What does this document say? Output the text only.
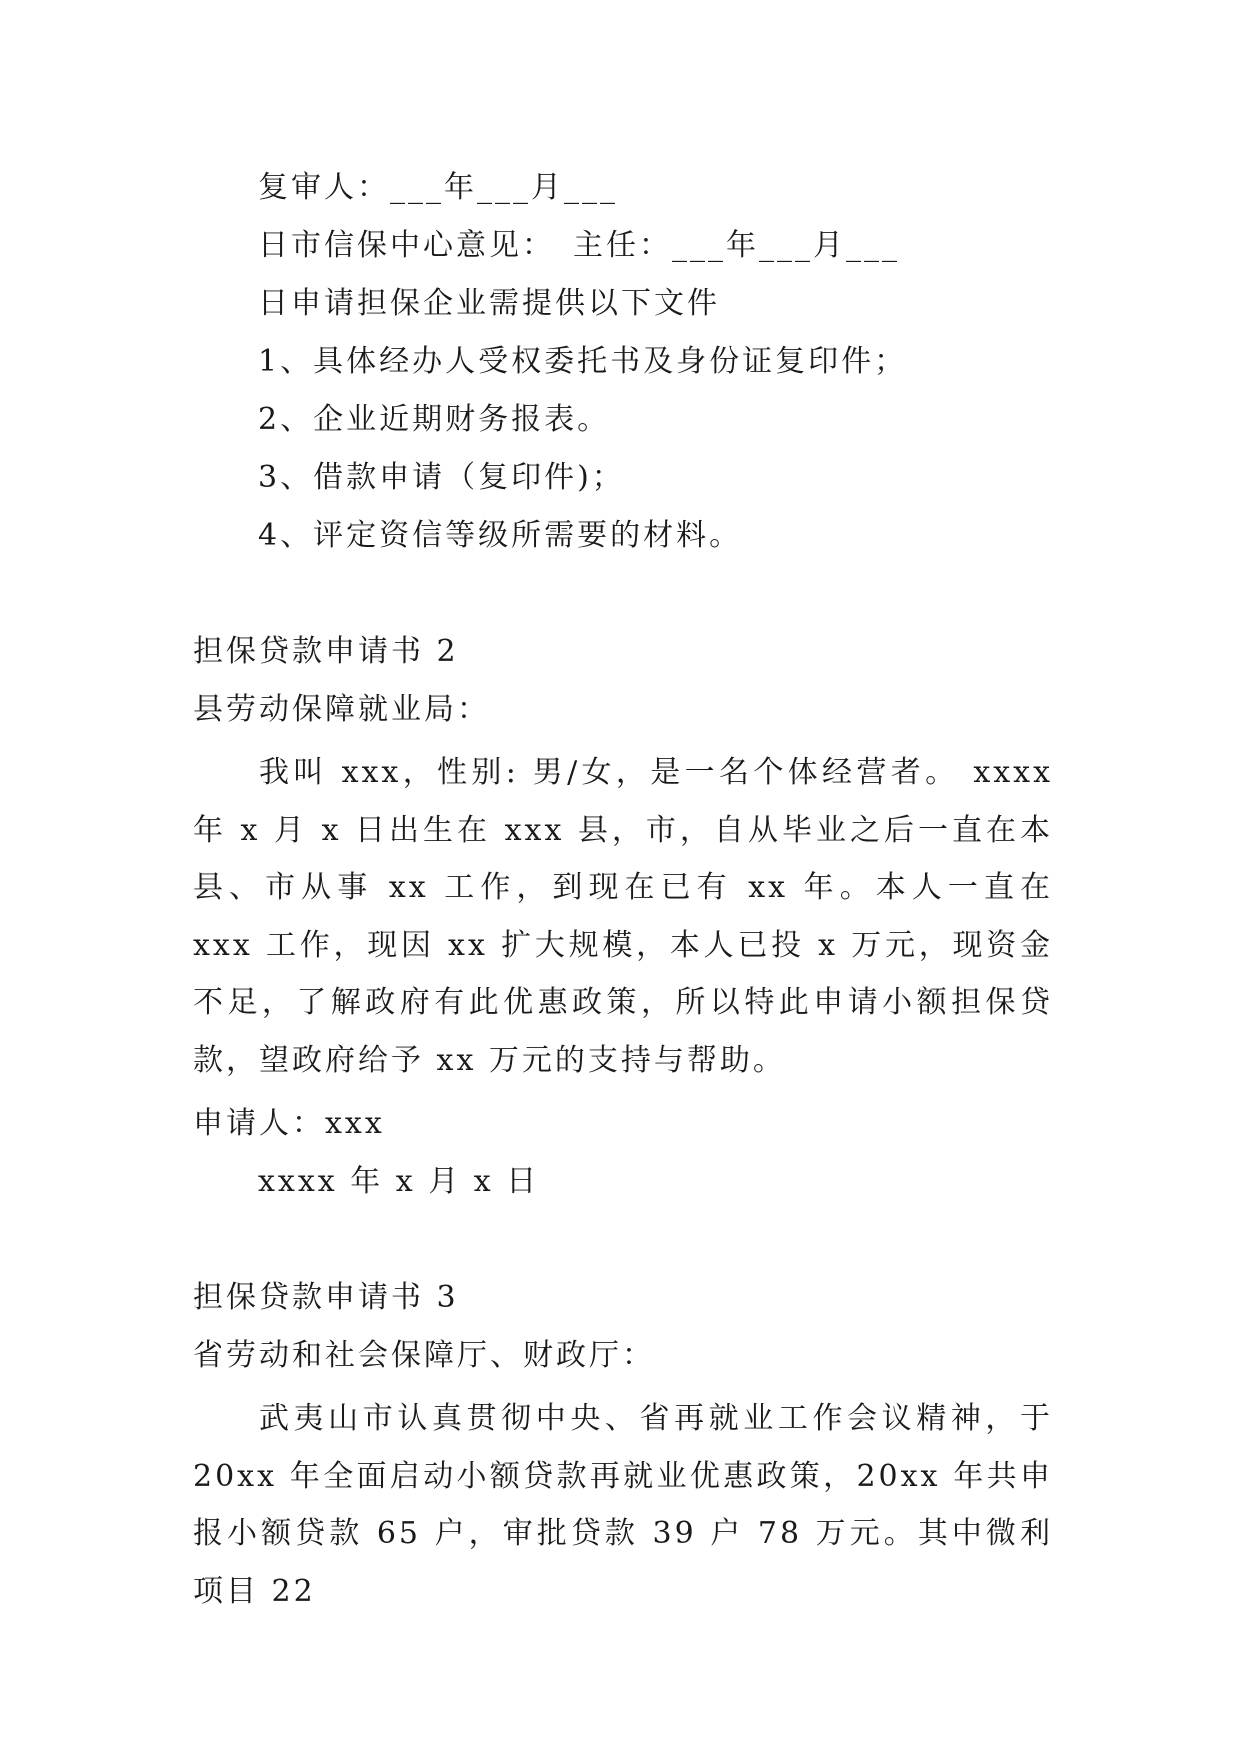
复审人：___年___月___
日市信保中心意见：　主任：___年___月___
日申请担保企业需提供以下文件
1、具体经办人受权委托书及身份证复印件；
2、企业近期财务报表。
3、借款申请（复印件)；
4、评定资信等级所需要的材料。
担保贷款申请书 2
县劳动保障就业局：
我叫 xxx，性别: 男/女，是一名个体经营者。 xxxx 年 x 月 x 日出生在 xxx 县，市，自从毕业之后一直在本县、市从事 xx 工作，到现在已有 xx 年。本人一直在 xxx 工作，现因 xx 扩大规模，本人已投 x 万元，现资金不足，了解政府有此优惠政策，所以特此申请小额担保贷款，望政府给予 xx 万元的支持与帮助。
申请人：xxx
xxxx 年 x 月 x 日
担保贷款申请书 3
省劳动和社会保障厅、财政厅：
武夷山市认真贯彻中央、省再就业工作会议精神，于 20xx 年全面启动小额贷款再就业优惠政策，20xx 年共申报小额贷款 65 户，审批贷款 39 户 78 万元。其中微利项目 22
